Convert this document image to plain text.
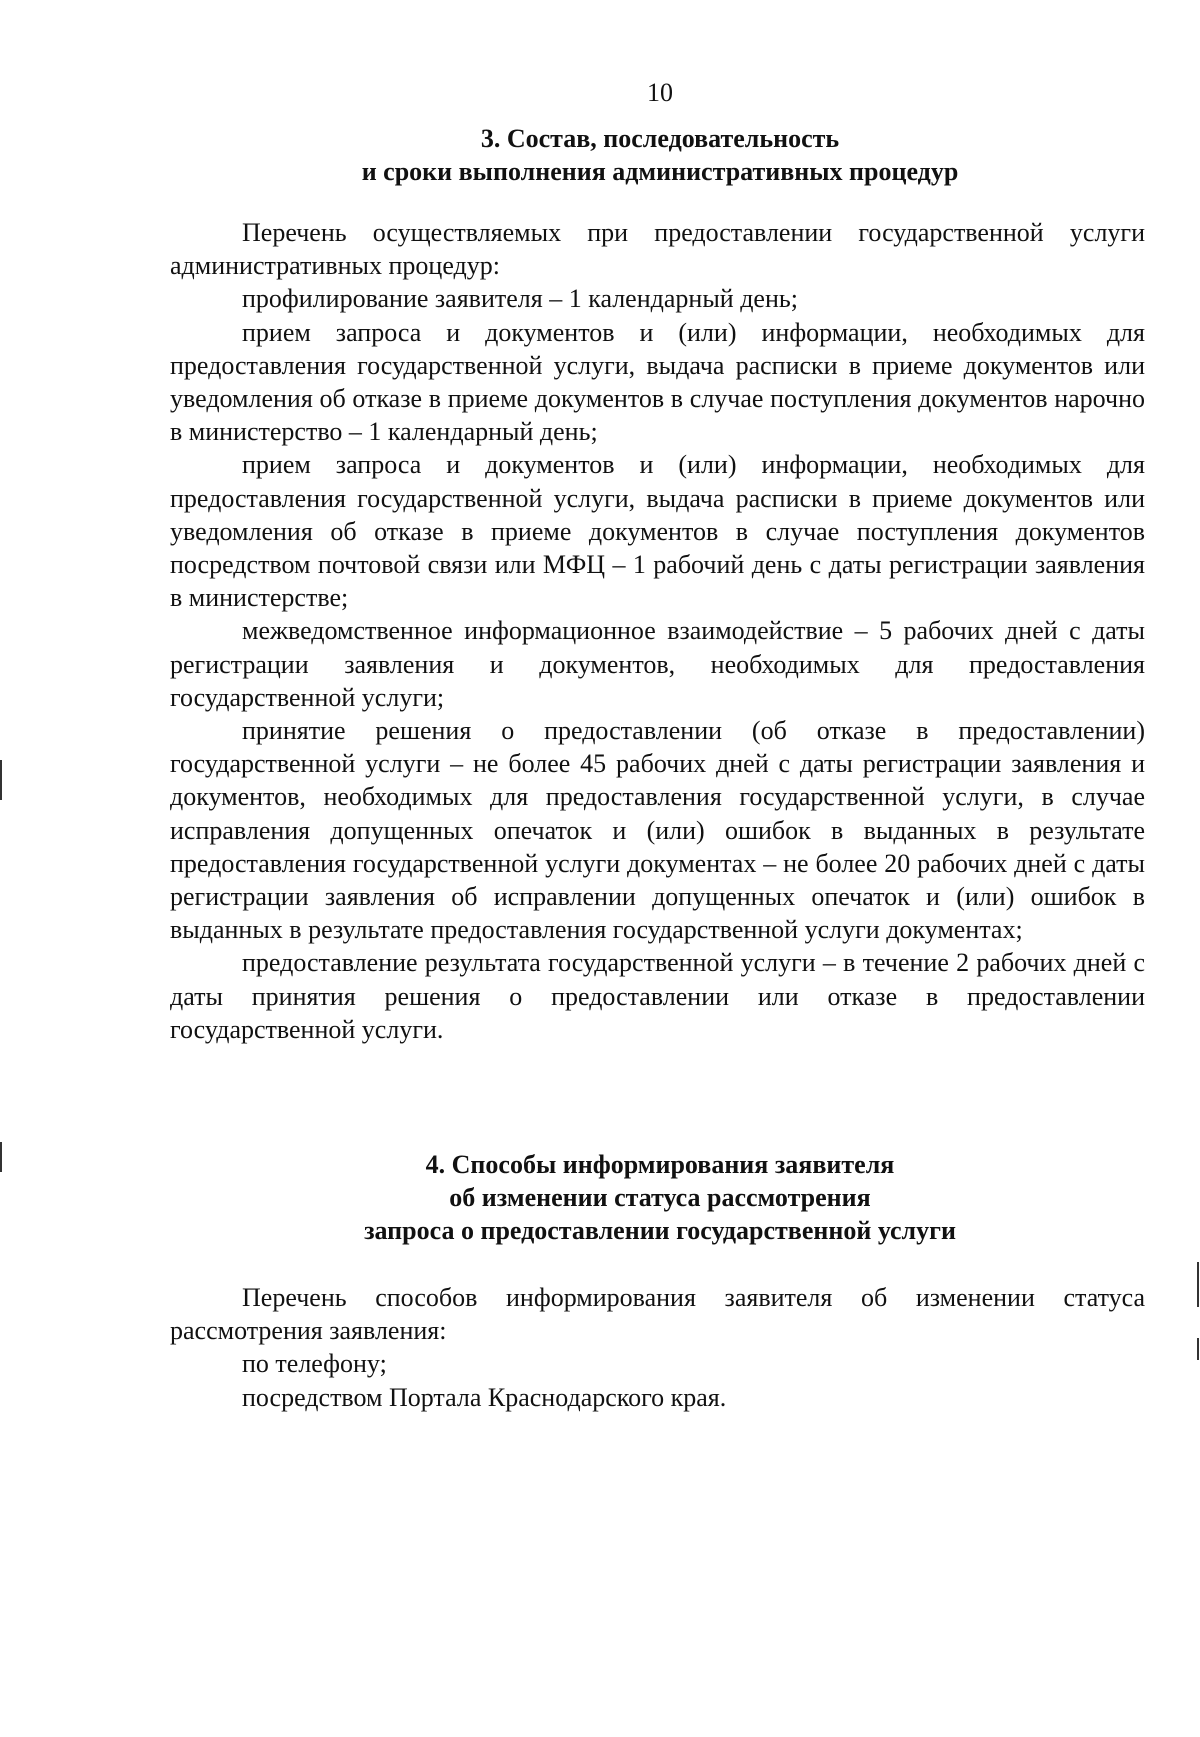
10
3. Состав, последовательность
и сроки выполнения административных процедур

Перечень осуществляемых при предоставлении государственной услуги административных процедур:

профилирование заявителя – 1 календарный день;

прием запроса и документов и (или) информации, необходимых для предоставления государственной услуги, выдача расписки в приеме документов или уведомления об отказе в приеме документов в случае поступления документов нарочно в министерство – 1 календарный день;

прием запроса и документов и (или) информации, необходимых для предоставления государственной услуги, выдача расписки в приеме документов или уведомления об отказе в приеме документов в случае поступления документов посредством почтовой связи или МФЦ – 1 рабочий день с даты регистрации заявления в министерстве;

межведомственное информационное взаимодействие – 5 рабочих дней с даты регистрации заявления и документов, необходимых для предоставления государственной услуги;

принятие решения о предоставлении (об отказе в предоставлении) государственной услуги – не более 45 рабочих дней с даты регистрации заявления и документов, необходимых для предоставления государственной услуги, в случае исправления допущенных опечаток и (или) ошибок в выданных в результате предоставления государственной услуги документах – не более 20 рабочих дней с даты регистрации заявления об исправлении допущенных опечаток и (или) ошибок в выданных в результате предоставления государственной услуги документах;

предоставление результата государственной услуги – в течение 2 рабочих дней с даты принятия решения о предоставлении или отказе в предоставлении государственной услуги.

4. Способы информирования заявителя
об изменении статуса рассмотрения
запроса о предоставлении государственной услуги

Перечень способов информирования заявителя об изменении статуса рассмотрения заявления:

по телефону;

посредством Портала Краснодарского края.
